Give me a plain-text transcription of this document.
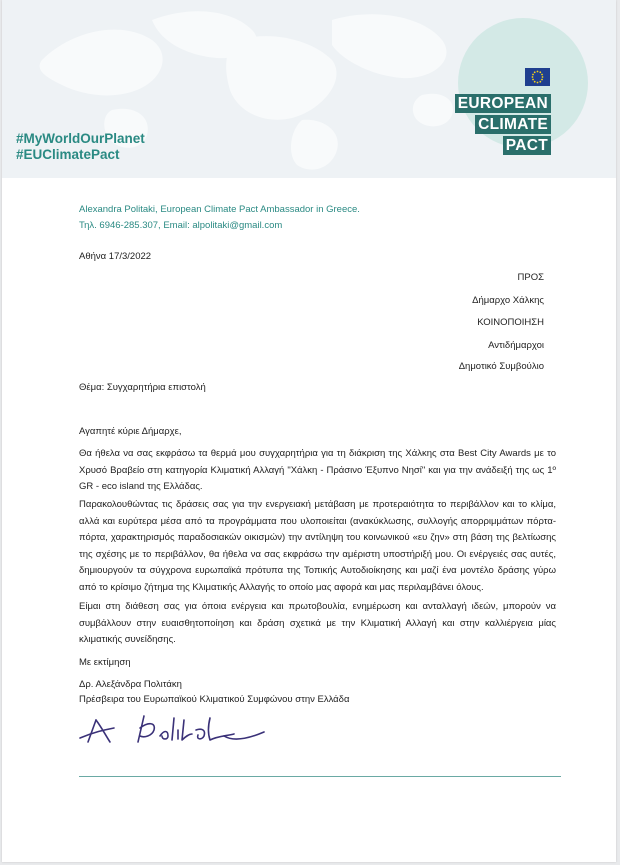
#MyWorldOurPlanet
#EUClimatePact
EUROPEAN
CLIMATE
PACT
Alexandra Politaki, European Climate Pact Ambassador in Greece.
Τηλ. 6946-285.307, Email: alpolitaki@gmail.com
Αθήνα 17/3/2022
ΠΡΟΣ
Δήμαρχο Χάλκης
ΚΟΙΝΟΠΟΙΗΣΗ
Αντιδήμαρχοι
Δημοτικό Συμβούλιο
Θέμα: Συγχαρητήρια επιστολή
Αγαπητέ κύριε Δήμαρχε,
Θα ήθελα να σας εκφράσω τα θερμά μου συγχαρητήρια για τη διάκριση της Χάλκης στα Best City Awards με το Χρυσό Βραβείο στη κατηγορία Κλιματική Αλλαγή "Χάλκη - Πράσινο Έξυπνο Νησί" και για την ανάδειξή της ως 1º GR - eco island της Ελλάδας.
Παρακολουθώντας τις δράσεις σας για την ενεργειακή μετάβαση με προτεραιότητα το περιβάλλον και το κλίμα, αλλά και ευρύτερα μέσα από τα προγράμματα που υλοποιείται (ανακύκλωσης, συλλογής απορριμμάτων πόρτα-πόρτα, χαρακτηρισμός παραδοσιακών οικισμών) την αντίληψη του κοινωνικού «ευ ζην» στη βάση της βελτίωσης της σχέσης με το περιβάλλον, θα ήθελα να σας εκφράσω την αμέριστη υποστήριξή μου. Οι ενέργειές σας αυτές, δημιουργούν τα σύγχρονα ευρωπαϊκά πρότυπα της Τοπικής Αυτοδιοίκησης και μαζί ένα μοντέλο δράσης γύρω από το κρίσιμο ζήτημα της Κλιματικής Αλλαγής το οποίο μας αφορά και μας περιλαμβάνει όλους.
Είμαι στη διάθεση σας για όποια ενέργεια και πρωτοβουλία, ενημέρωση και ανταλλαγή ιδεών, μπορούν να συμβάλλουν στην ευαισθητοποίηση και δράση σχετικά με την Κλιματική Αλλαγή και στην καλλιέργεια μίας κλιματικής συνείδησης.
Με εκτίμηση
Δρ. Αλεξάνδρα Πολιτάκη
Πρέσβειρα του Ευρωπαϊκού Κλιματικού Συμφώνου στην Ελλάδα
